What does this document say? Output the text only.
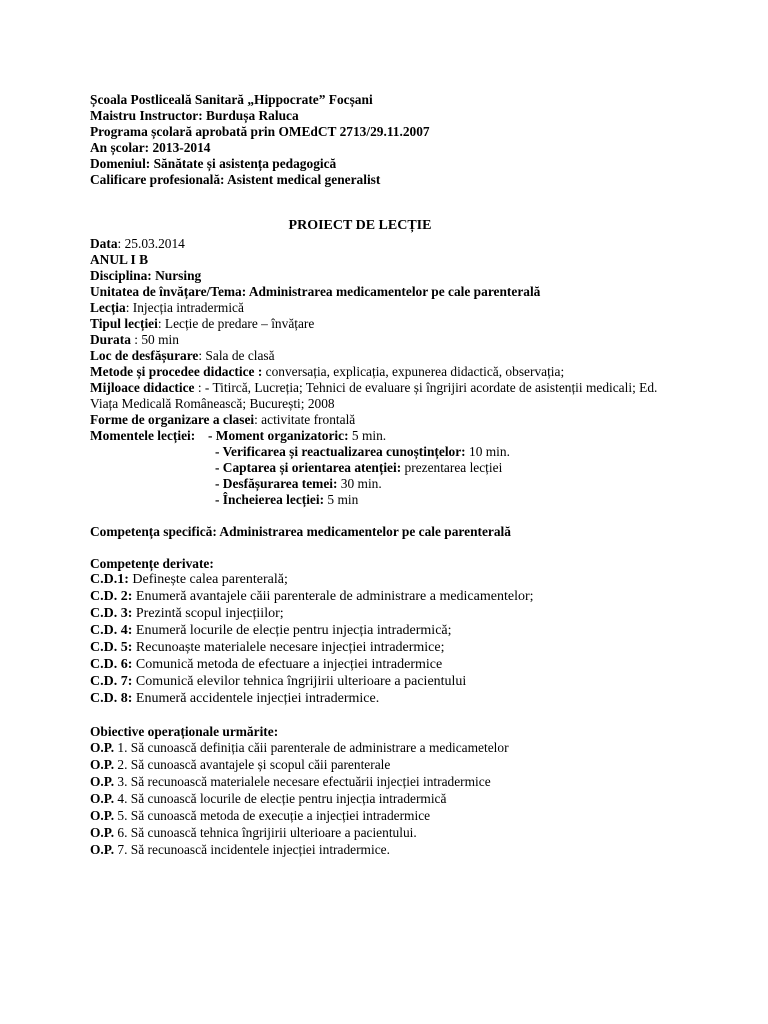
Școala Postliceală Sanitară „Hippocrate” Focșani
Maistru Instructor: Burdușa Raluca
Programa școlară aprobată prin OMEdCT 2713/29.11.2007
An școlar: 2013-2014
Domeniul: Sănătate și asistența pedagogică
Calificare profesională: Asistent medical generalist
PROIECT DE LECȚIE
Data: 25.03.2014
ANUL I B
Disciplina: Nursing
Unitatea de învățare/Tema: Administrarea medicamentelor pe cale parenterală
Lecția: Injecția intradermică
Tipul lecției: Lecție de predare – învățare
Durata : 50 min
Loc de desfășurare: Sala de clasă
Metode și procedee didactice : conversația, explicația, expunerea didactică, observația;
Mijloace didactice : - Titircă, Lucreția; Tehnici de evaluare și îngrijiri acordate de asistenții medicali; Ed.
Viața Medicală Românească; București; 2008
Forme de organizare a clasei: activitate frontală
Momentele lecției: - Moment organizatoric: 5 min.
- Verificarea și reactualizarea cunoștințelor: 10 min.
- Captarea și orientarea atenției: prezentarea lecției
- Desfășurarea temei: 30 min.
- Încheierea lecției: 5 min
Competența specifică: Administrarea medicamentelor pe cale parenterală
Competențe derivate:
C.D.1: Definește calea parenterală;
C.D. 2: Enumeră avantajele căii parenterale de administrare a medicamentelor;
C.D. 3: Prezintă scopul injecțiilor;
C.D. 4: Enumeră locurile de elecție pentru injecția intradermică;
C.D. 5: Recunoaște materialele necesare injecției intradermice;
C.D. 6: Comunică metoda de efectuare a injecției intradermice
C.D. 7: Comunică elevilor tehnica îngrijirii ulterioare a pacientului
C.D. 8: Enumeră accidentele injecției intradermice.
Obiective operaționale urmărite:
O.P. 1. Să cunoască definiția căii parenterale de administrare a medicametelor
O.P. 2. Să cunoască avantajele și scopul căii parenterale
O.P. 3. Să recunoască materialele necesare efectuării injecției intradermice
O.P. 4. Să cunoască locurile de elecție pentru injecția intradermică
O.P. 5. Să cunoască metoda de execuție a injecției intradermice
O.P. 6. Să cunoască tehnica îngrijirii ulterioare a pacientului.
O.P. 7. Să recunoască incidentele injecției intradermice.
